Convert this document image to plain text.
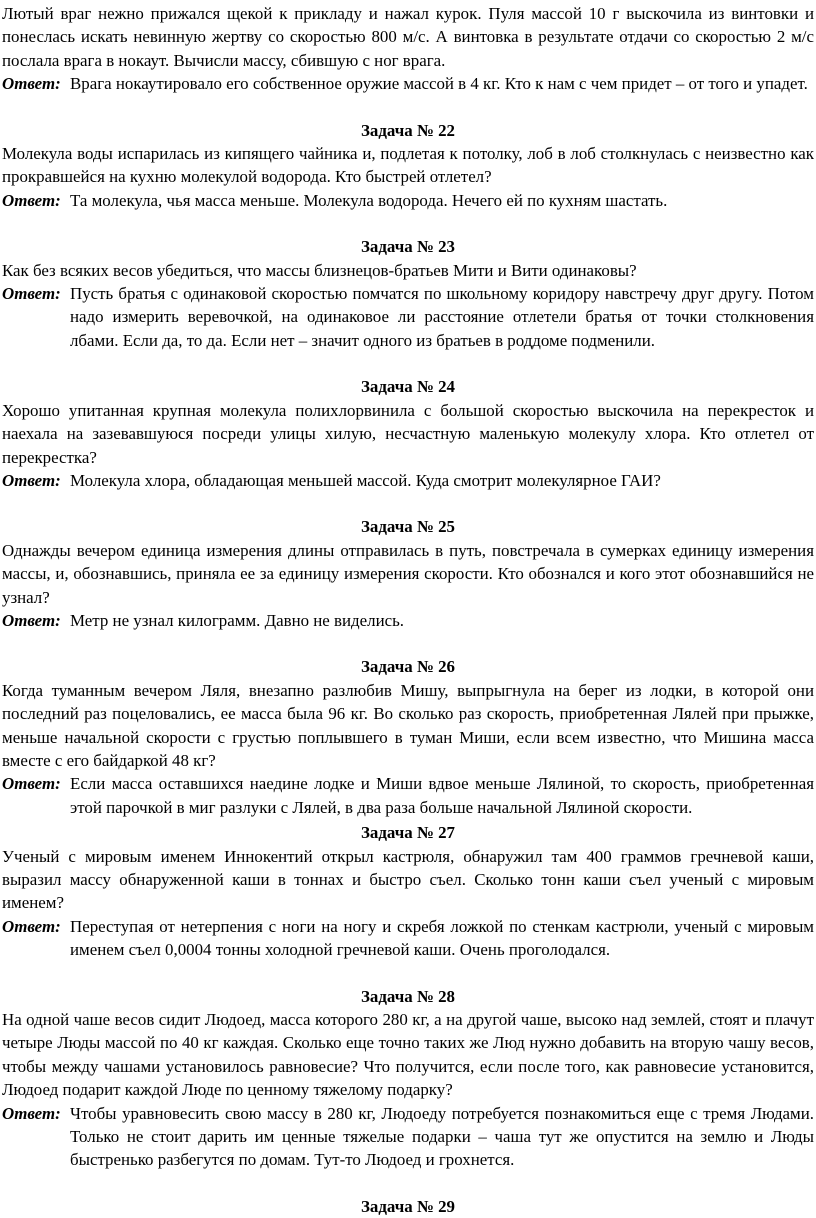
Лютый враг нежно прижался щекой к прикладу и нажал курок. Пуля массой 10 г выскочила из винтовки и понеслась искать невинную жертву со скоростью 800 м/с. А винтовка в результате отдачи со скоростью 2 м/с послала врага в нокаут. Вычисли массу, сбившую с ног врага.

Ответ: Врага нокаутировало его собственное оружие массой в 4 кг. Кто к нам с чем придет – от того и упадет.

Задача № 22

Молекула воды испарилась из кипящего чайника и, подлетая к потолку, лоб в лоб столкнулась с неизвестно как прокравшейся на кухню молекулой водорода. Кто быстрей отлетел?

Ответ: Та молекула, чья масса меньше. Молекула водорода. Нечего ей по кухням шастать.

Задача № 23

Как без всяких весов убедиться, что массы близнецов-братьев Мити и Вити одинаковы?

Ответ: Пусть братья с одинаковой скоростью помчатся по школьному коридору навстречу друг другу. Потом надо измерить веревочкой, на одинаковое ли расстояние отлетели братья от точки столкновения лбами. Если да, то да. Если нет – значит одного из братьев в роддоме подменили.

Задача № 24

Хорошо упитанная крупная молекула полихлорвинила с большой скоростью выскочила на перекресток и наехала на зазевавшуюся посреди улицы хилую, несчастную маленькую молекулу хлора. Кто отлетел от перекрестка?

Ответ: Молекула хлора, обладающая меньшей массой. Куда смотрит молекулярное ГАИ?

Задача № 25

Однажды вечером единица измерения длины отправилась в путь, повстречала в сумерках единицу измерения массы, и, обознавшись, приняла ее за единицу измерения скорости. Кто обознался и кого этот обознавшийся не узнал?

Ответ: Метр не узнал килограмм. Давно не виделись.

Задача № 26

Когда туманным вечером Ляля, внезапно разлюбив Мишу, выпрыгнула на берег из лодки, в которой они последний раз поцеловались, ее масса была 96 кг. Во сколько раз скорость, приобретенная Лялей при прыжке, меньше начальной скорости с грустью поплывшего в туман Миши, если всем известно, что Мишина масса вместе с его байдаркой 48 кг?

Ответ: Если масса оставшихся наедине лодке и Миши вдвое меньше Лялиной, то скорость, приобретенная этой парочкой в миг разлуки с Лялей, в два раза больше начальной Лялиной скорости.

Задача № 27

Ученый с мировым именем Иннокентий открыл кастрюля, обнаружил там 400 граммов гречневой каши, выразил массу обнаруженной каши в тоннах и быстро съел. Сколько тонн каши съел ученый с мировым именем?

Ответ: Переступая от нетерпения с ноги на ногу и скребя ложкой по стенкам кастрюли, ученый с мировым именем съел 0,0004 тонны холодной гречневой каши. Очень проголодался.

Задача № 28

На одной чаше весов сидит Людоед, масса которого 280 кг, а на другой чаше, высоко над землей, стоят и плачут четыре Люды массой по 40 кг каждая. Сколько еще точно таких же Люд нужно добавить на вторую чашу весов, чтобы между чашами установилось равновесие? Что получится, если после того, как равновесие установится, Людоед подарит каждой Люде по ценному тяжелому подарку?

Ответ: Чтобы уравновесить свою массу в 280 кг, Людоеду потребуется познакомиться еще с тремя Людами. Только не стоит дарить им ценные тяжелые подарки – чаша тут же опустится на землю и Люды быстренько разбегутся по домам. Тут-то Людоед и грохнется.

Задача № 29
